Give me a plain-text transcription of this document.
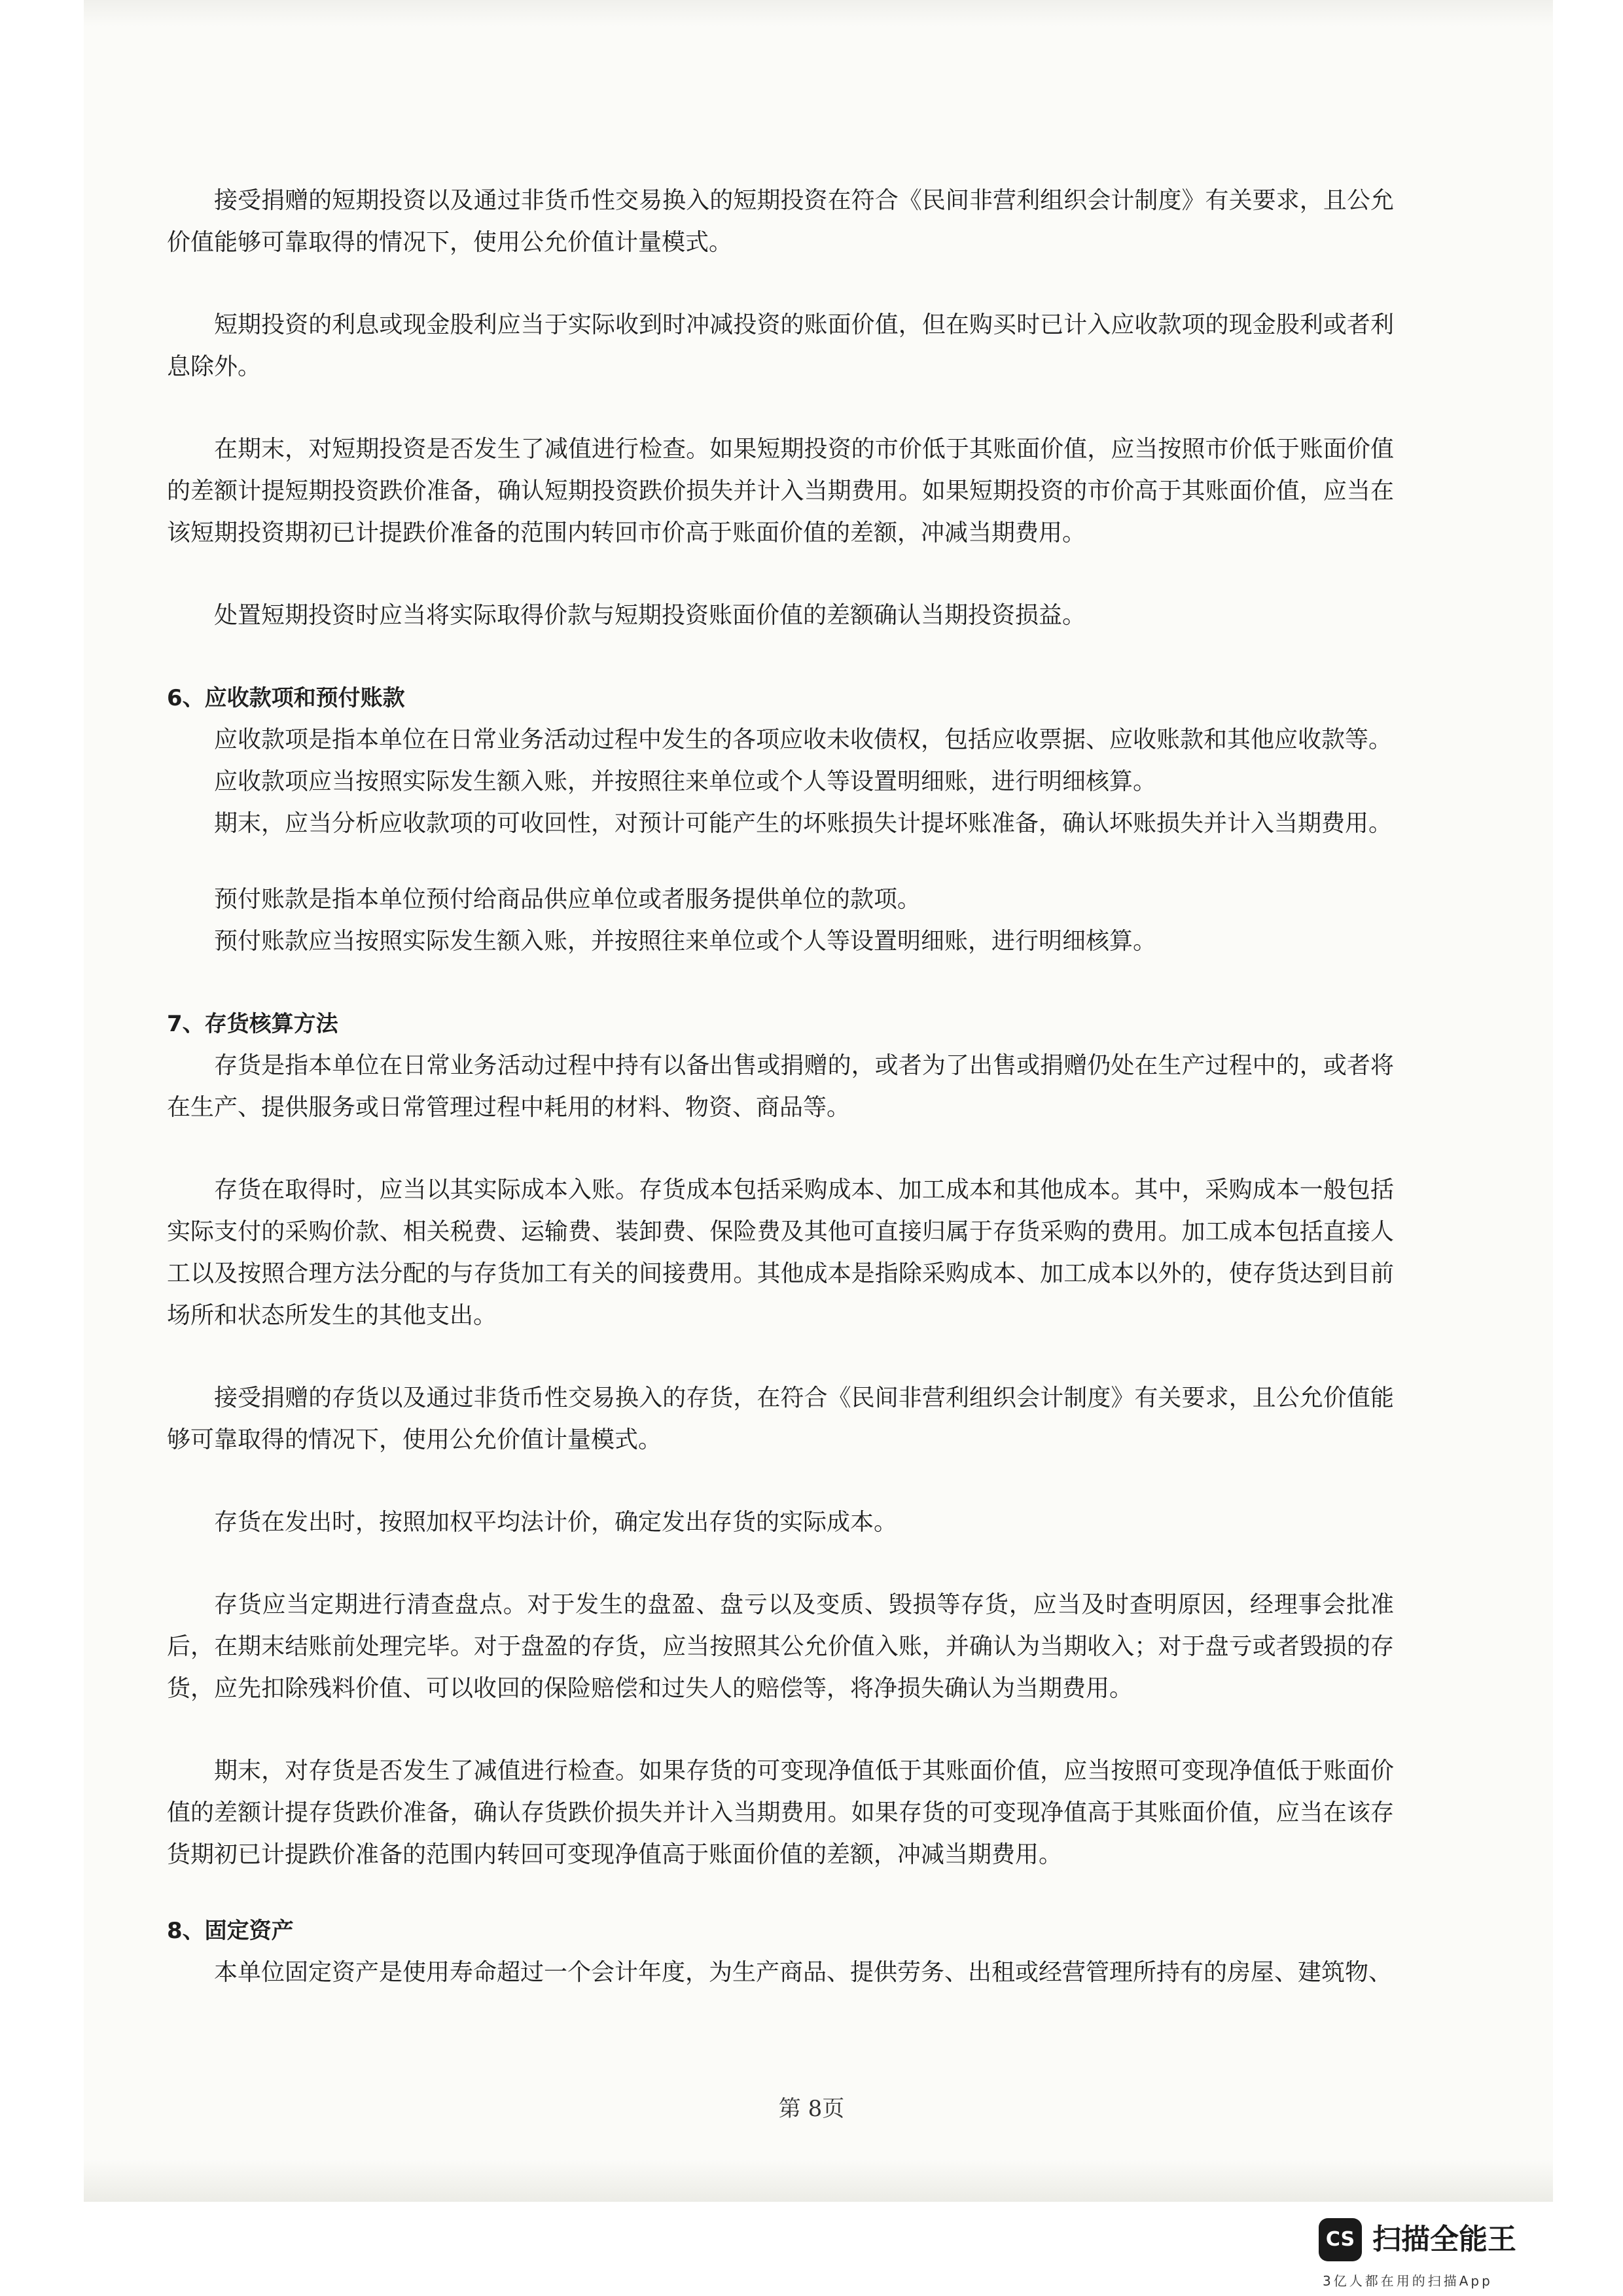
接受捐赠的短期投资以及通过非货币性交易换入的短期投资在符合《民间非营利组织会计制度》有关要求，且公允价值能够可靠取得的情况下，使用公允价值计量模式。

短期投资的利息或现金股利应当于实际收到时冲减投资的账面价值，但在购买时已计入应收款项的现金股利或者利息除外。

在期末，对短期投资是否发生了减值进行检查。如果短期投资的市价低于其账面价值，应当按照市价低于账面价值的差额计提短期投资跌价准备，确认短期投资跌价损失并计入当期费用。如果短期投资的市价高于其账面价值，应当在该短期投资期初已计提跌价准备的范围内转回市价高于账面价值的差额，冲减当期费用。

处置短期投资时应当将实际取得价款与短期投资账面价值的差额确认当期投资损益。

6、应收款项和预付账款

应收款项是指本单位在日常业务活动过程中发生的各项应收未收债权，包括应收票据、应收账款和其他应收款等。

应收款项应当按照实际发生额入账，并按照往来单位或个人等设置明细账，进行明细核算。

期末，应当分析应收款项的可收回性，对预计可能产生的坏账损失计提坏账准备，确认坏账损失并计入当期费用。

预付账款是指本单位预付给商品供应单位或者服务提供单位的款项。

预付账款应当按照实际发生额入账，并按照往来单位或个人等设置明细账，进行明细核算。

7、存货核算方法

存货是指本单位在日常业务活动过程中持有以备出售或捐赠的，或者为了出售或捐赠仍处在生产过程中的，或者将在生产、提供服务或日常管理过程中耗用的材料、物资、商品等。

存货在取得时，应当以其实际成本入账。存货成本包括采购成本、加工成本和其他成本。其中，采购成本一般包括实际支付的采购价款、相关税费、运输费、装卸费、保险费及其他可直接归属于存货采购的费用。加工成本包括直接人工以及按照合理方法分配的与存货加工有关的间接费用。其他成本是指除采购成本、加工成本以外的，使存货达到目前场所和状态所发生的其他支出。

接受捐赠的存货以及通过非货币性交易换入的存货，在符合《民间非营利组织会计制度》有关要求，且公允价值能够可靠取得的情况下，使用公允价值计量模式。

存货在发出时，按照加权平均法计价，确定发出存货的实际成本。

存货应当定期进行清查盘点。对于发生的盘盈、盘亏以及变质、毁损等存货，应当及时查明原因，经理事会批准后，在期末结账前处理完毕。对于盘盈的存货，应当按照其公允价值入账，并确认为当期收入；对于盘亏或者毁损的存货，应先扣除残料价值、可以收回的保险赔偿和过失人的赔偿等，将净损失确认为当期费用。

期末，对存货是否发生了减值进行检查。如果存货的可变现净值低于其账面价值，应当按照可变现净值低于账面价值的差额计提存货跌价准备，确认存货跌价损失并计入当期费用。如果存货的可变现净值高于其账面价值，应当在该存货期初已计提跌价准备的范围内转回可变现净值高于账面价值的差额，冲减当期费用。

8、固定资产

本单位固定资产是使用寿命超过一个会计年度，为生产商品、提供劳务、出租或经营管理所持有的房屋、建筑物、

第 8页
CS 扫描全能王
3亿人都在用的扫描App
